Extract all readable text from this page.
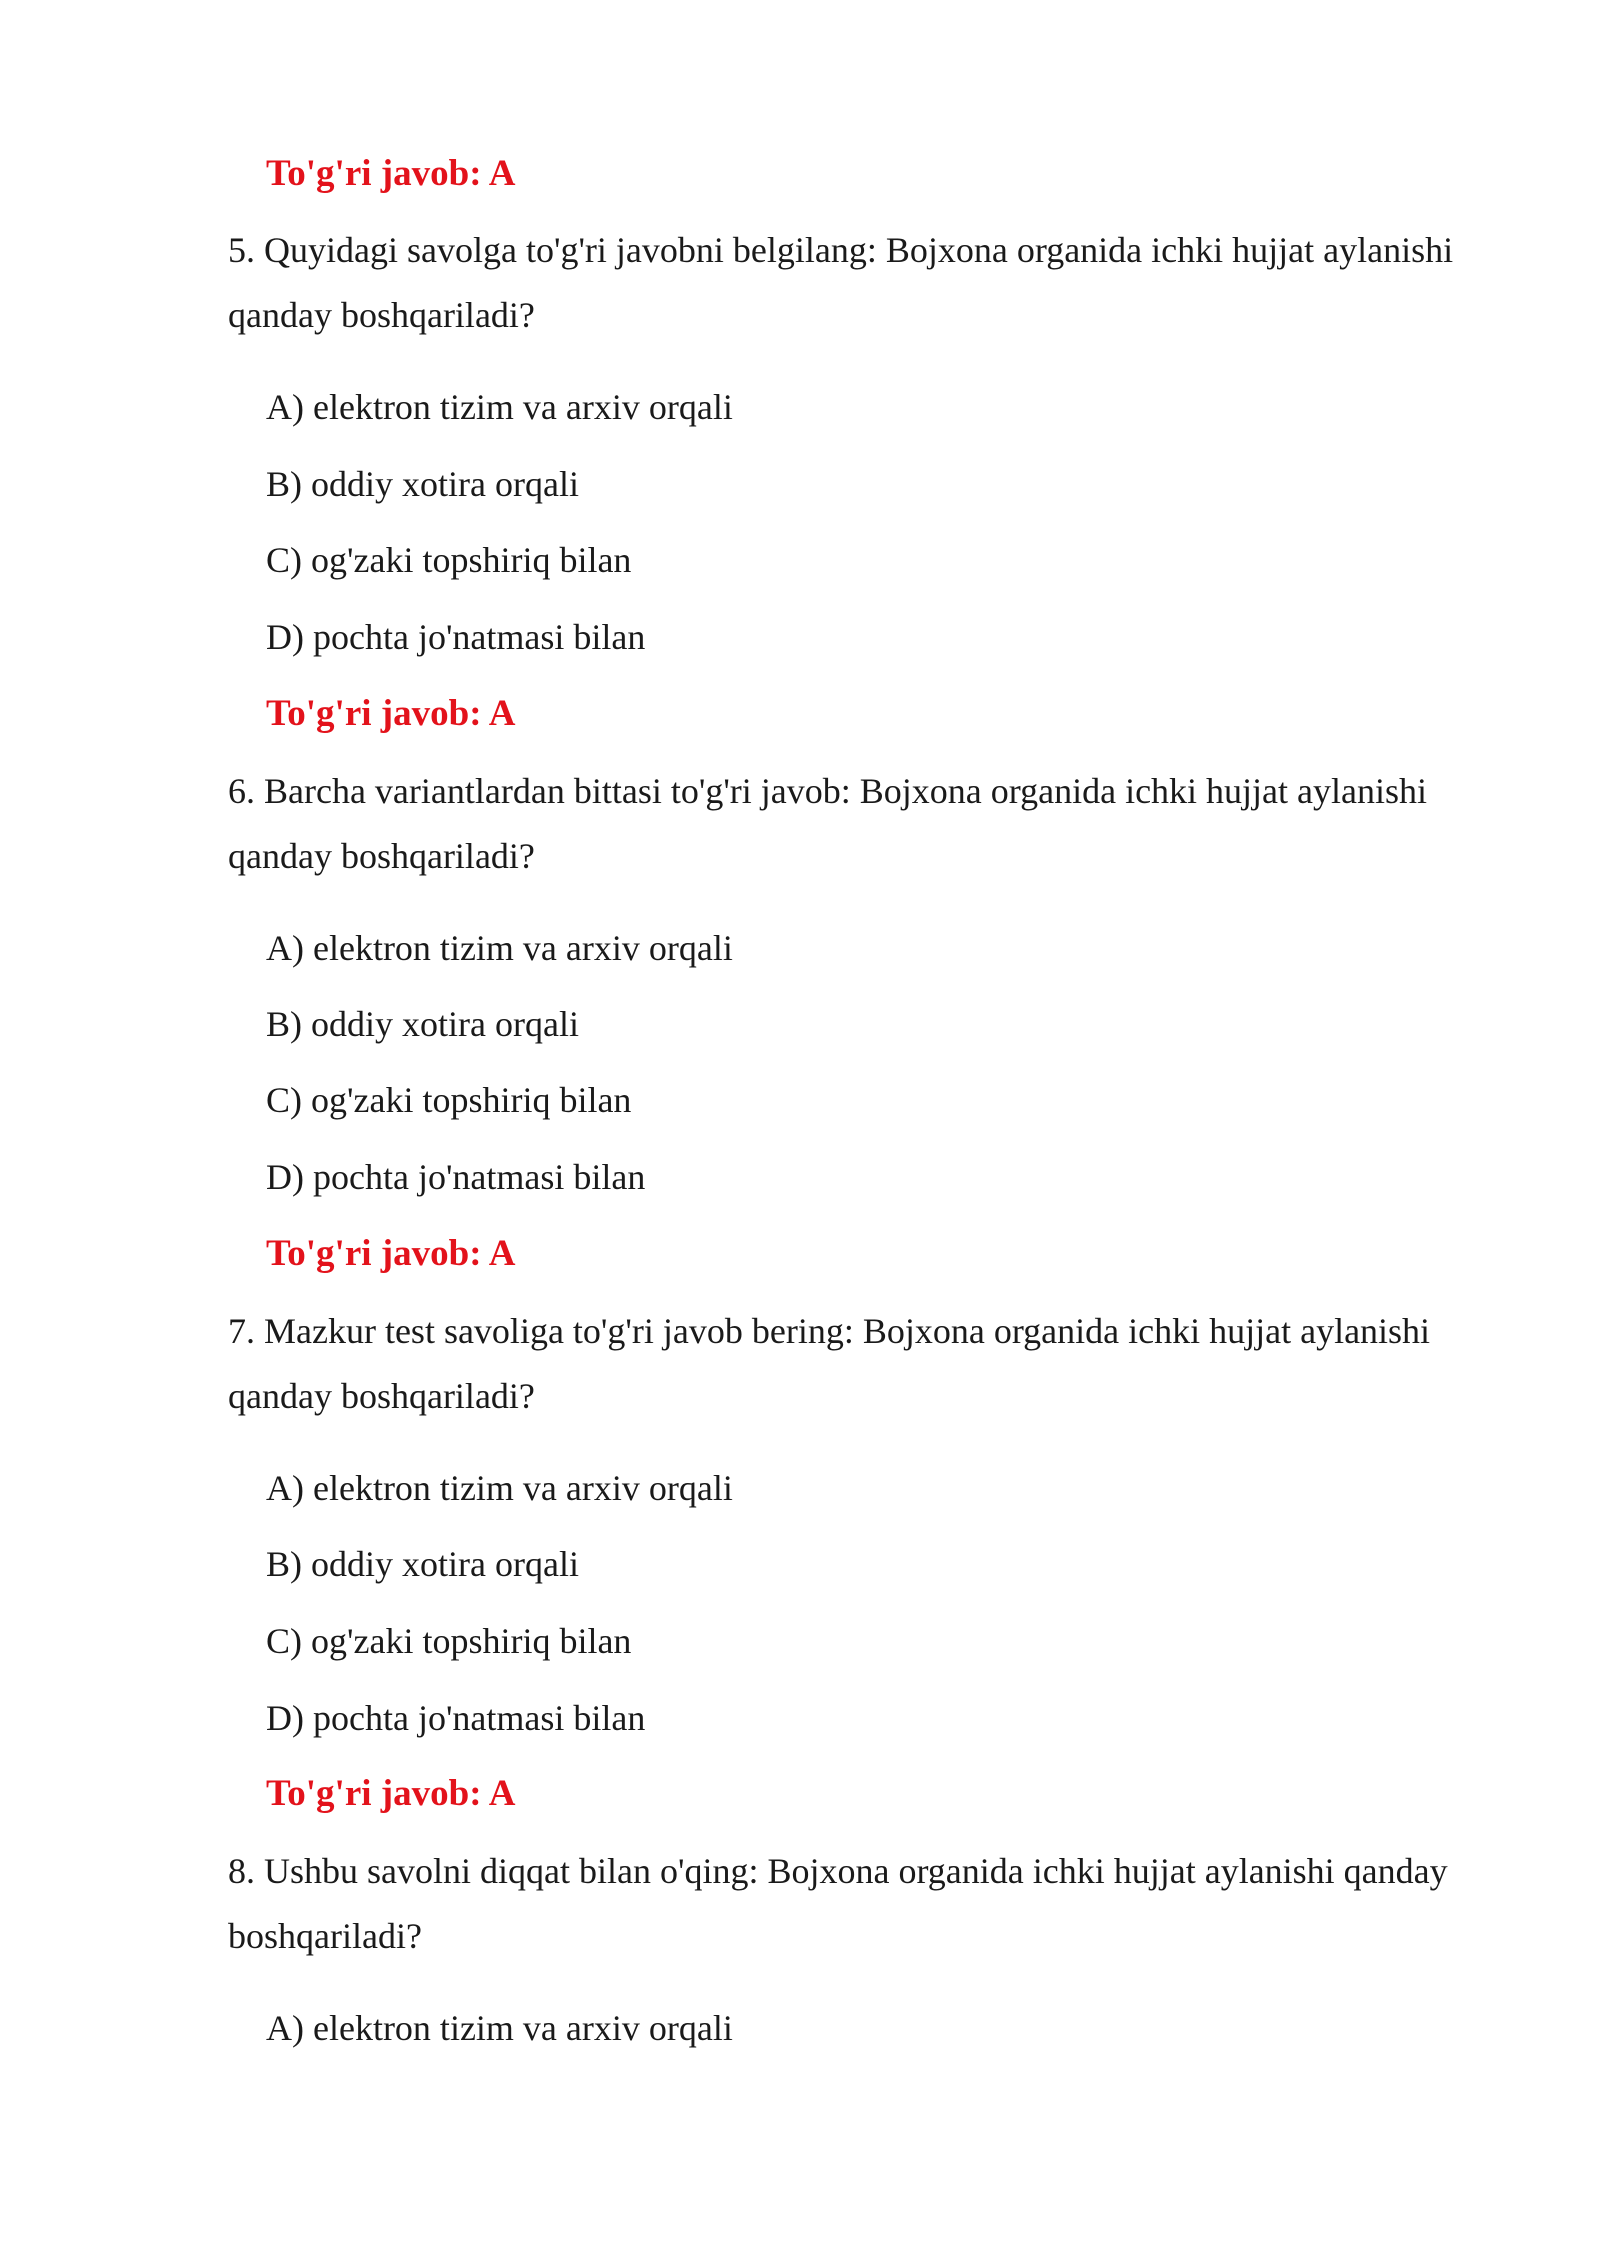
To'g'ri javob: A

5. Quyidagi savolga to'g'ri javobni belgilang: Bojxona organida ichki hujjat aylanishi qanday boshqariladi?

A) elektron tizim va arxiv orqali
B) oddiy xotira orqali
C) og'zaki topshiriq bilan
D) pochta jo'natmasi bilan
To'g'ri javob: A

6. Barcha variantlardan bittasi to'g'ri javob: Bojxona organida ichki hujjat aylanishi qanday boshqariladi?

A) elektron tizim va arxiv orqali
B) oddiy xotira orqali
C) og'zaki topshiriq bilan
D) pochta jo'natmasi bilan
To'g'ri javob: A

7. Mazkur test savoliga to'g'ri javob bering: Bojxona organida ichki hujjat aylanishi qanday boshqariladi?

A) elektron tizim va arxiv orqali
B) oddiy xotira orqali
C) og'zaki topshiriq bilan
D) pochta jo'natmasi bilan
To'g'ri javob: A

8. Ushbu savolni diqqat bilan o'qing: Bojxona organida ichki hujjat aylanishi qanday boshqariladi?

A) elektron tizim va arxiv orqali
